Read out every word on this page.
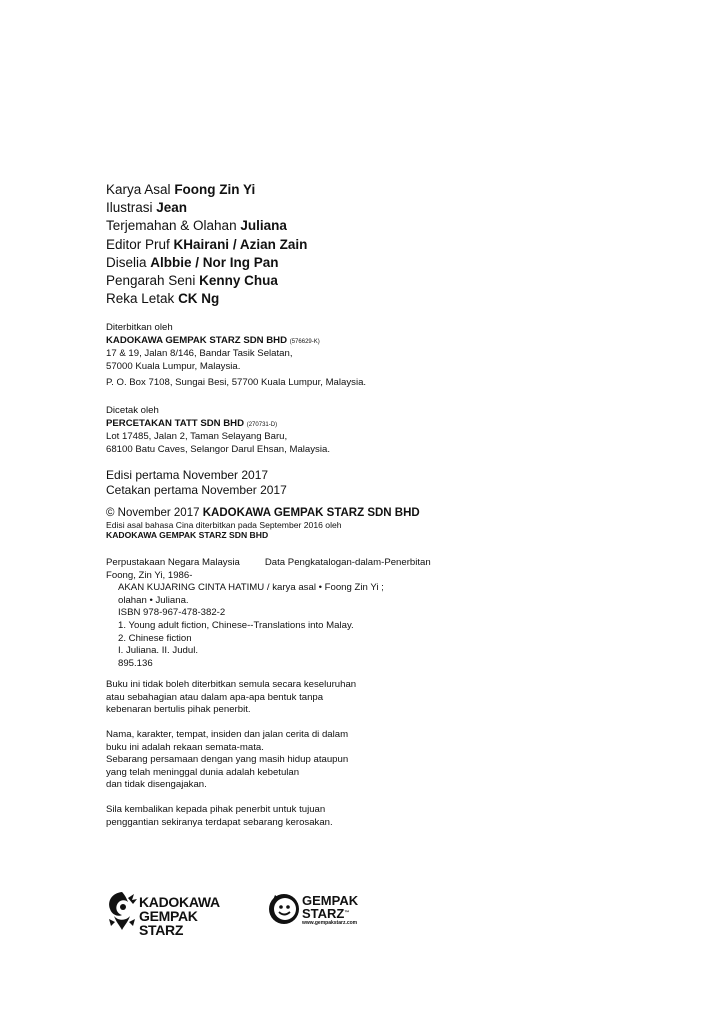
Karya Asal Foong Zin Yi
Ilustrasi Jean
Terjemahan & Olahan Juliana
Editor Pruf KHairani / Azian Zain
Diselia Albbie / Nor Ing Pan
Pengarah Seni Kenny Chua
Reka Letak CK Ng
Diterbitkan oleh
KADOKAWA GEMPAK STARZ SDN BHD (576629-K)
17 & 19, Jalan 8/146, Bandar Tasik Selatan,
57000 Kuala Lumpur, Malaysia.
P. O. Box 7108, Sungai Besi, 57700 Kuala Lumpur, Malaysia.
Dicetak oleh
PERCETAKAN TATT SDN BHD (270731-D)
Lot 17485, Jalan 2, Taman Selayang Baru,
68100 Batu Caves, Selangor Darul Ehsan, Malaysia.
Edisi pertama November 2017
Cetakan pertama November 2017
© November 2017 KADOKAWA GEMPAK STARZ SDN BHD
Edisi asal bahasa Cina diterbitkan pada September 2016 oleh
KADOKAWA GEMPAK STARZ SDN BHD
Perpustakaan Negara Malaysia	Data Pengkatalogan-dalam-Penerbitan
Foong, Zin Yi, 1986-
AKAN KUJARING CINTA HATIMU / karya asal • Foong Zin Yi ;
olahan • Juliana.
ISBN 978-967-478-382-2
1. Young adult fiction, Chinese--Translations into Malay.
2. Chinese fiction
I. Juliana. II. Judul.
895.136
Buku ini tidak boleh diterbitkan semula secara keseluruhan
atau sebahagian atau dalam apa-apa bentuk tanpa
kebenaran bertulis pihak penerbit.
Nama, karakter, tempat, insiden dan jalan cerita di dalam
buku ini adalah rekaan semata-mata.
Sebarang persamaan dengan yang masih hidup ataupun
yang telah meninggal dunia adalah kebetulan
dan tidak disengajakan.
Sila kembalikan kepada pihak penerbit untuk tujuan
penggantian sekiranya terdapat sebarang kerosakan.
KADOKAWA
GEMPAK STARZ
GEMPAK
STARZ™
www.gempakstarz.com
